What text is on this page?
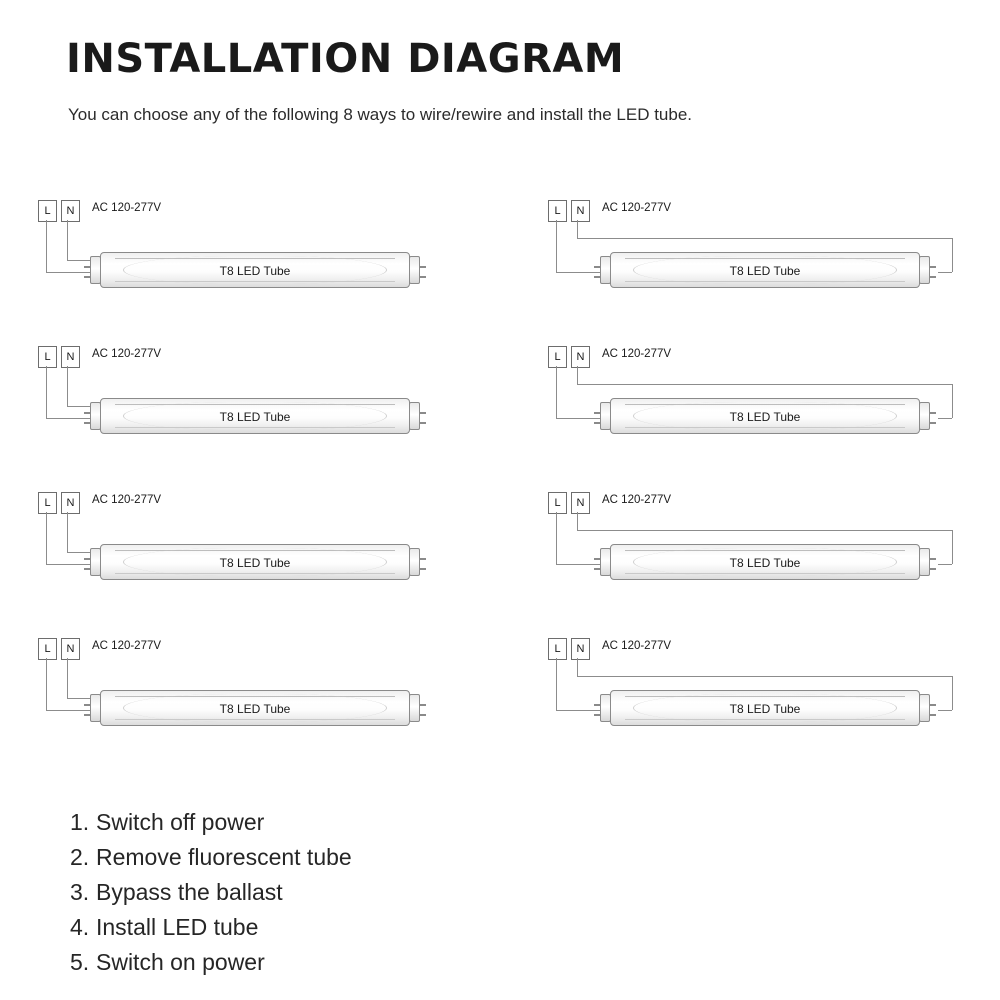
INSTALLATION DIAGRAM
You can choose any of the following 8 ways to wire/rewire and install the LED tube.
L	N	AC 120-277V
T8 LED Tube
L	N	AC 120-277V
T8 LED Tube
L	N	AC 120-277V
T8 LED Tube
L	N	AC 120-277V
T8 LED Tube
L	N	AC 120-277V
T8 LED Tube
L	N	AC 120-277V
T8 LED Tube
L	N	AC 120-277V
T8 LED Tube
L	N	AC 120-277V
T8 LED Tube
1. Switch off power
2. Remove fluorescent tube
3. Bypass the ballast
4. Install LED tube
5. Switch on power
